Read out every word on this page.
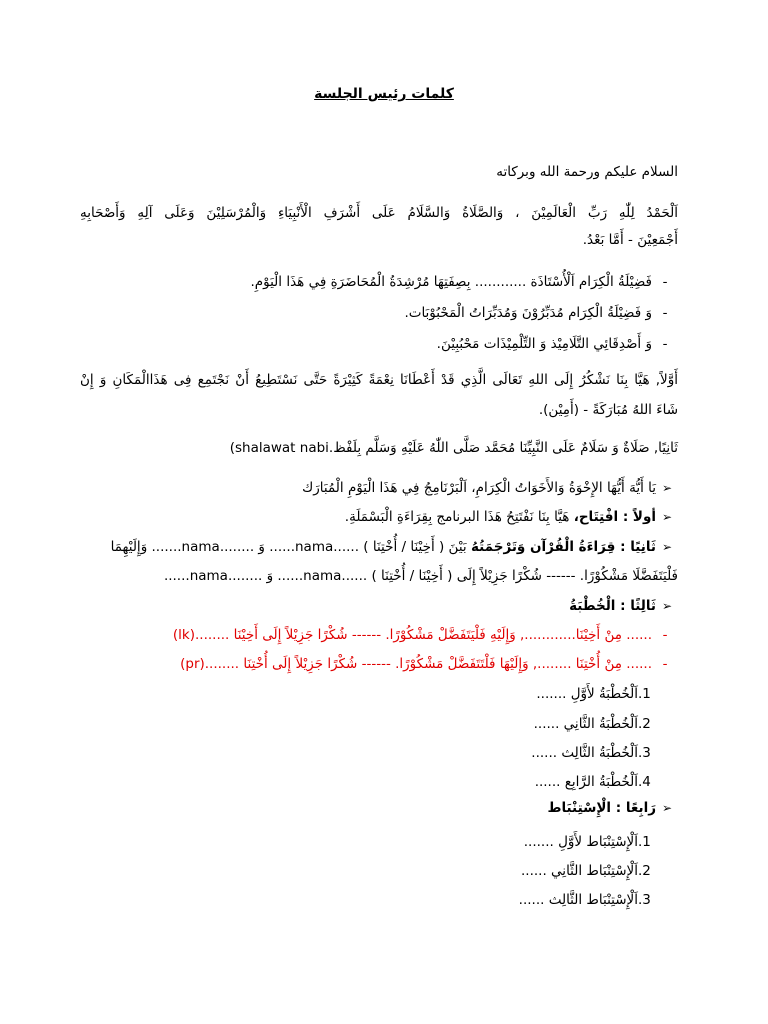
كلمات رئيس الجلسة
السلام عليكم ورحمة الله وبركاته
اَلْحَمْدُ لِلّٰهِ رَبِّ الْعَالَمِيْنَ ، وَالصَّلَاةُ وَالسَّلَامُ عَلَى أَشْرَفِ الْأَنْبِيَاءِ وَالْمُرْسَلِيْنَ وَعَلَى آلِهِ وَأَصْحَابِهِ
أَجْمَعِيْنَ - أَمَّا بَعْدُ.
-فَضِيْلَةُ الْكِرَام اَلْأُسْتَاذَة ............ بِصِفَتِهَا مُرْشِدَةُ الْمُحَاضَرَةِ فِي هَذَا الْيَوْمِ.
-وَ فَضِيْلَةُ الْكِرَام مُدَبِّرُوْنَ وَمُدَبِّرَاتُ الْمَحْبُوْبَات.
-وَ أَصْدِقَائِي التَّلَامِيْذ وَ التِّلْمِيْذَات مَحْبُبِيْنَ.
أَوَّلاً, هَيَّا بِنَا نَشْكُرُ إِلَى اللهِ تَعَالَى الَّذِي قَدْ أَعْطَانَا نِعْمَةً كَثِيْرَةً حَتَّى نَسْتَطِيعُ أَنْ نَجْتَمِع فِى هَذَاالْمَكَانِ وَ إِنْ
شَاءَ اللهُ مُبَارَكَةً - (أَمِيْن).
ثَانِيًا, صَلَاةٌ وَ سَلَامٌ عَلَى النَّبِيِّنَا مُحَمَّد صَلَّى اللّٰهُ عَلَيْهِ وَسَلَّم بِلَفْظ.(shalawat nabi
➢يَا أَيُّهَ أَيُّهَا الإِخْوَةُ وَالأَخَوَاتُ الْكِرَامِ، اَلْبَرْنَامِجُ فِي هَذَا الْيَوْمِ الْمُبَارَك
➢أولاً : افْتِتَاح، هَيَّا بِنَا نَفْتَتِحُ هَذَا البرنامج بِقِرَاءَةِ الْبَسْمَلَةِ.
➢ثَانِيًا : قِرَاءَةُ الْقُرْآن وَتَرْجَمَتُهُ بَيْنَ ( أَخِيْنَا / أُخْتِنَا ) ......nama...... وَ ........nama....... وَإِلَيْهِمَا
فَلْيَتَفَضَّلَا مَشْكُوْرًا. ------ شُكْرًا جَزِيْلاً إِلَى ( أَخِيْنَا / أُخْتِنَا ) ......nama...... وَ ........nama......
➢ثَالِثًا : الْخُطْبَةُ
-...... مِنْ أَخِيْنَا............, وَإِلَيْهِ فَلْيَتَفَضَّلْ مَشْكُوْرًا. ------ شُكْرًا جَزِيْلاً إِلَى أَخِيْنَا ........(lk)
-...... مِنْ أُخْتِنَا ........, وَإِلَيْهَا فَلْتَتَفَضَّلْ مَشْكُوْرًا. ------ شُكْرًا جَزِيْلاً إِلَى أُخْتِنَا ........(pr)
1.اَلْخُطْبَةُ لأَوَّلِ .......
2.اَلْخُطْبَةُ الثَّانِي ......
3.اَلْخُطْبَةُ الثَّالِث ......
4.اَلْخُطْبَةُ الرَّابِع ......
➢رَابِعًا : الْإِسْتِنْبَاط
1.اَلْإِسْتِنْبَاط لأَوَّلِ .......
2.اَلْإِسْتِنْبَاط الثَّانِي ......
3.اَلْإِسْتِنْبَاط الثَّالِث ......
